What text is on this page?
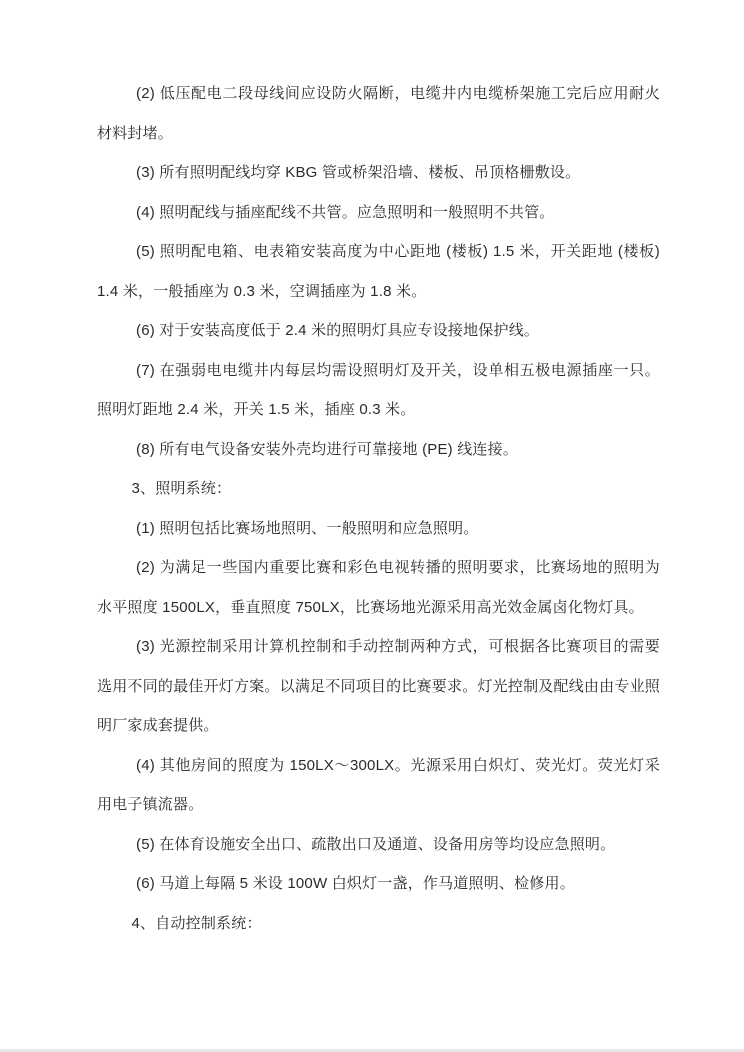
(2) 低压配电二段母线间应设防火隔断，电缆井内电缆桥架施工完后应用耐火材料封堵。

(3) 所有照明配线均穿 KBG 管或桥架沿墙、楼板、吊顶格栅敷设。

(4) 照明配线与插座配线不共管。应急照明和一般照明不共管。

(5) 照明配电箱、电表箱安装高度为中心距地 (楼板) 1.5 米，开关距地 (楼板) 1.4 米，一般插座为 0.3 米，空调插座为 1.8 米。

(6) 对于安装高度低于 2.4 米的照明灯具应专设接地保护线。

(7) 在强弱电电缆井内每层均需设照明灯及开关，设单相五极电源插座一只。照明灯距地 2.4 米，开关 1.5 米，插座 0.3 米。

(8) 所有电气设备安装外壳均进行可靠接地 (PE) 线连接。

3、照明系统：

(1) 照明包括比赛场地照明、一般照明和应急照明。

(2) 为满足一些国内重要比赛和彩色电视转播的照明要求，比赛场地的照明为水平照度 1500LX，垂直照度 750LX，比赛场地光源采用高光效金属卤化物灯具。

(3) 光源控制采用计算机控制和手动控制两种方式，可根据各比赛项目的需要选用不同的最佳开灯方案。以满足不同项目的比赛要求。灯光控制及配线由由专业照明厂家成套提供。

(4) 其他房间的照度为 150LX～300LX。光源采用白炽灯、荧光灯。荧光灯采用电子镇流器。

(5) 在体育设施安全出口、疏散出口及通道、设备用房等均设应急照明。

(6) 马道上每隔 5 米设 100W 白炽灯一盏，作马道照明、检修用。

4、自动控制系统：
